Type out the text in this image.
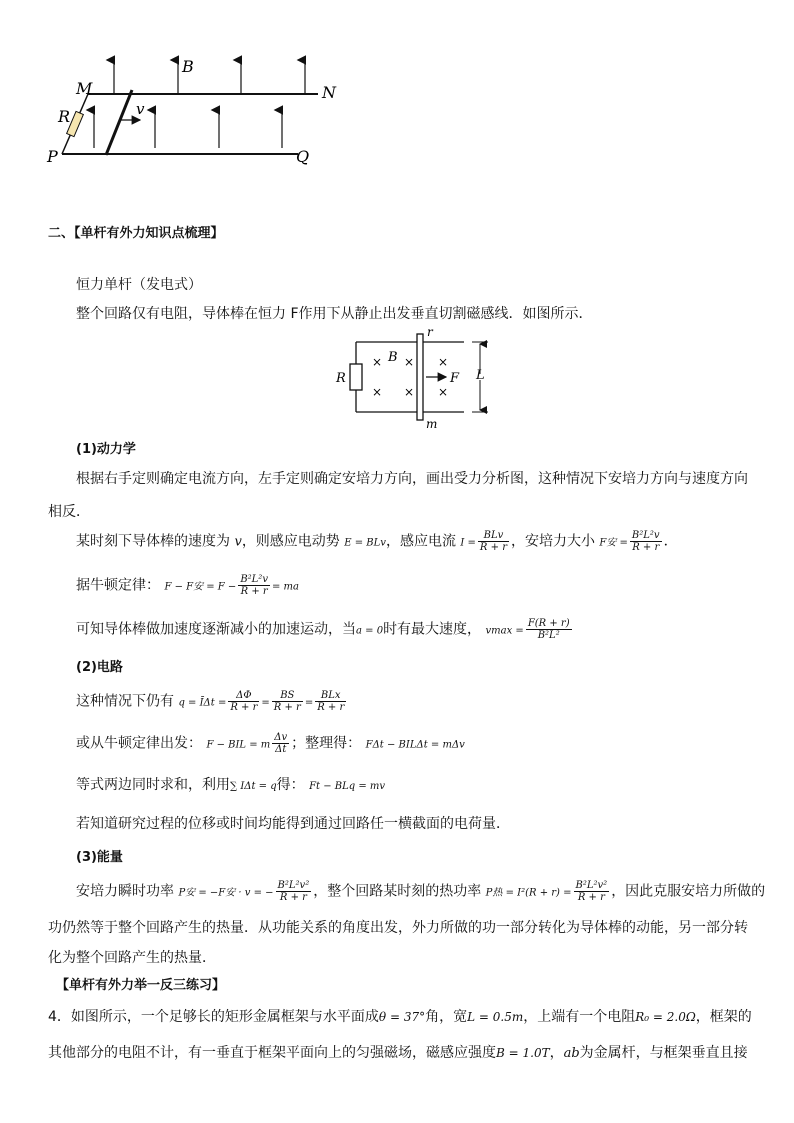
M	N
P	Q
R
B
v
二、【单杆有外力知识点梳理】
恒力单杆（发电式）
整个回路仅有电阻，导体棒在恒力 F作用下从静止出发垂直切割磁感线．如图所示．
× × ×
× × ×
R
B
r
F
m
L
(1)动力学
根据右手定则确定电流方向，左手定则确定安培力方向，画出受力分析图，这种情况下安培力方向与速度方向
相反．
某时刻下导体棒的速度为 v，则感应电动势 E = BLv，感应电流 $I = \frac{\text{BLv}}{R + r}$ ，安培力大小 F安 = $\frac{\text{B²L²v}}{R + r}$ ．
据牛顿定律： F − F安 = $F - \frac{\text{B²L²v}}{R + r}$ = ma
可知导体棒做加速度逐渐减小的加速运动，当a = 0时有最大速度， $vmax = \frac{F(R + r)}{\text{B²L²}}$
(2)电路
这种情况下仍有 q = ĪΔt = $\frac{\Delta\Phi}{R + r} = \frac{BS}{R + r} = \frac{\text{BLx}}{R + r}$
或从牛顿定律出发： F − BIL = m $\frac{\Delta v}{\Delta t}$ ；整理得： FΔt − BILΔt = mΔv
等式两边同时求和，利用∑ IΔt = q得： Ft − BLq = mv
若知道研究过程的位移或时间均能得到通过回路任一横截面的电荷量．
(3)能量
安培力瞬时功率 P安 = −F安 · v = − $\frac{\text{B²L²v²}}{R + r}$ ，整个回路某时刻的热功率 P热 = $I^2(R + r) = \frac{\text{B²L²v²}}{R + r}$ ，因此克服安培力所做的
功仍然等于整个回路产生的热量．从功能关系的角度出发，外力所做的功一部分转化为导体棒的动能，另一部分转
化为整个回路产生的热量．
【单杆有外力举一反三练习】
4．如图所示，一个足够长的矩形金属框架与水平面成θ = 37°角，宽L = 0.5m，上端有一个电阻R₀ = 2.0Ω，框架的
其他部分的电阻不计，有一垂直于框架平面向上的匀强磁场，磁感应强度B = 1.0T，ab为金属杆，与框架垂直且接
